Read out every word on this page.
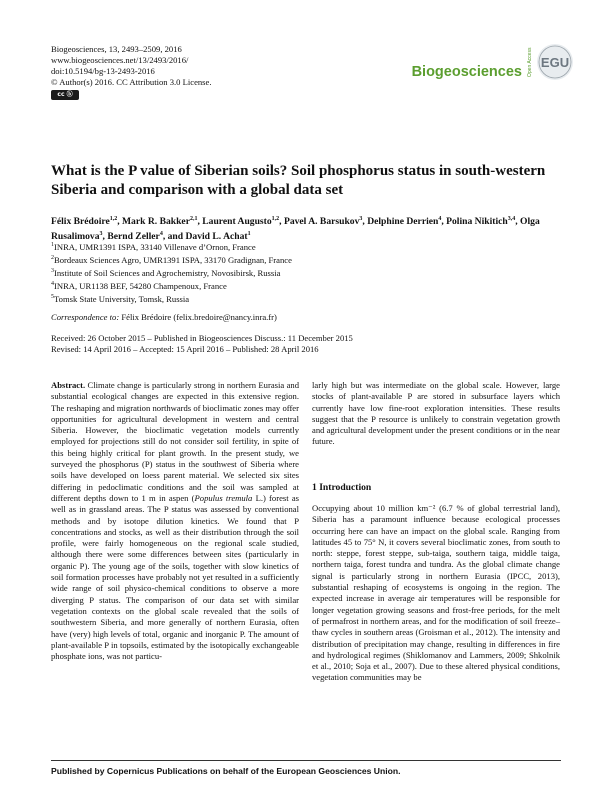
Biogeosciences, 13, 2493–2509, 2016
www.biogeosciences.net/13/2493/2016/
doi:10.5194/bg-13-2493-2016
© Author(s) 2016. CC Attribution 3.0 License.
cc ⓑ
Biogeosciences Open Access EGU
What is the P value of Siberian soils? Soil phosphorus status in south-western Siberia and comparison with a global data set
Félix Brédoire$^{1,2}$, Mark R. Bakker$^{2,1}$, Laurent Augusto$^{1,2}$, Pavel A. Barsukov$^3$, Delphine Derrien$^4$, Polina Nikitich$^{3,4}$, Olga Rusalimova$^3$, Bernd Zeller$^4$, and David L. Achat$^1$
$^1$INRA, UMR1391 ISPA, 33140 Villenave d’Ornon, France
$^2$Bordeaux Sciences Agro, UMR1391 ISPA, 33170 Gradignan, France
$^3$Institute of Soil Sciences and Agrochemistry, Novosibirsk, Russia
$^4$INRA, UR1138 BEF, 54280 Champenoux, France
$^5$Tomsk State University, Tomsk, Russia
Correspondence to: Félix Brédoire (felix.bredoire@nancy.inra.fr)
Received: 26 October 2015 – Published in Biogeosciences Discuss.: 11 December 2015
Revised: 14 April 2016 – Accepted: 15 April 2016 – Published: 28 April 2016

Abstract. Climate change is particularly strong in northern Eurasia and substantial ecological changes are expected in this extensive region. The reshaping and migration northwards of bioclimatic zones may offer opportunities for agricultural development in western and central Siberia. However, the bioclimatic vegetation models currently employed for projections still do not consider soil fertility, in spite of this being highly critical for plant growth. In the present study, we surveyed the phosphorus (P) status in the southwest of Siberia where soils have developed on loess parent material. We selected six sites differing in pedoclimatic conditions and the soil was sampled at different depths down to 1 m in aspen (Populus tremula L.) forest as well as in grassland areas. The P status was assessed by conventional methods and by isotope dilution kinetics. We found that P concentrations and stocks, as well as their distribution through the soil profile, were fairly homogeneous on the regional scale studied, although there were some differences between sites (particularly in organic P). The young age of the soils, together with slow kinetics of soil formation processes have probably not yet resulted in a sufficiently wide range of soil physico-chemical conditions to observe a more diverging P status. The comparison of our data set with similar vegetation contexts on the global scale revealed that the soils of southwestern Siberia, and more generally of northern Eurasia, often have (very) high levels of total, organic and inorganic P. The amount of plant-available P in topsoils, estimated by the isotopically exchangeable phosphate ions, was not particu-

larly high but was intermediate on the global scale. However, large stocks of plant-available P are stored in subsurface layers which currently have low fine-root exploration intensities. These results suggest that the P resource is unlikely to constrain vegetation growth and agricultural development under the present conditions or in the near future.

1 Introduction

Occupying about 10 million km⁻² (6.7 % of global terrestrial land), Siberia has a paramount influence because ecological processes occurring here can have an impact on the global scale. Ranging from latitudes 45 to 75° N, it covers several bioclimatic zones, from south to north: steppe, forest steppe, sub-taiga, southern taiga, middle taiga, northern taiga, forest tundra and tundra. As the global climate change signal is particularly strong in northern Eurasia (IPCC, 2013), substantial reshaping of ecosystems is ongoing in the region. The expected increase in average air temperatures will be responsible for longer vegetation growing seasons and frost-free periods, for the melt of permafrost in northern areas, and for the modification of soil freeze–thaw cycles in southern areas (Groisman et al., 2012). The intensity and distribution of precipitation may change, resulting in differences in fire and hydrological regimes (Shiklomanov and Lammers, 2009; Shkolnik et al., 2010; Soja et al., 2007). Due to these altered physical conditions, vegetation communities may be

Published by Copernicus Publications on behalf of the European Geosciences Union.
